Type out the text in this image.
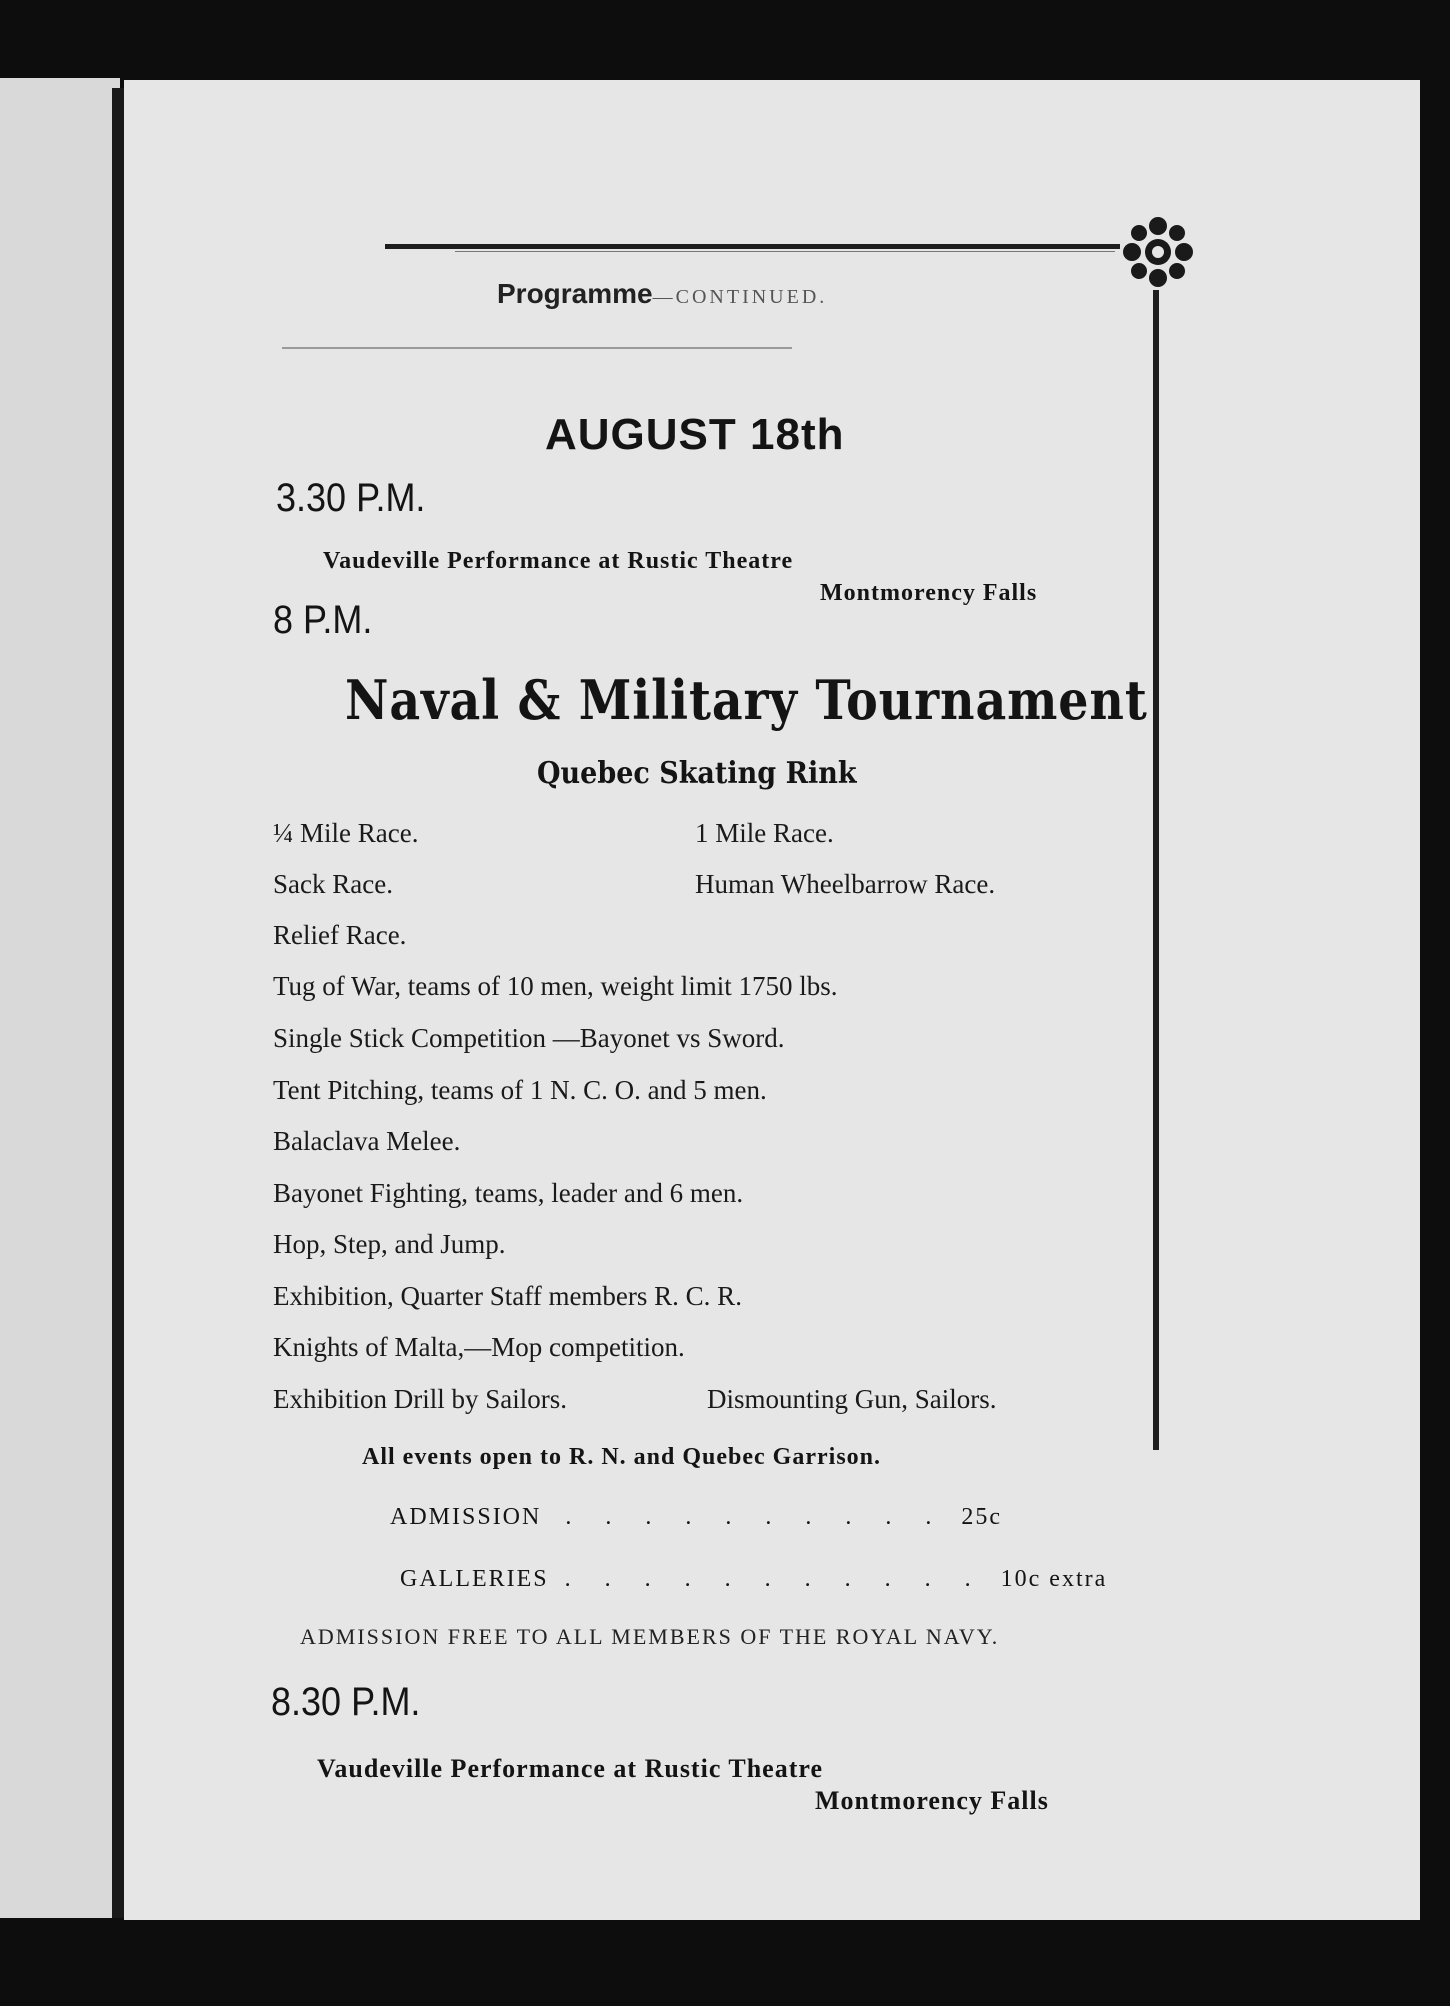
Programme—CONTINUED.
AUGUST 18th
3.30 P.M.
Vaudeville Performance at Rustic Theatre
Montmorency Falls
8 P.M.
Naval & Military Tournament
Quebec Skating Rink
¼ Mile Race.	1 Mile Race.
Sack Race.	Human Wheelbarrow Race.
Relief Race.
Tug of War, teams of 10 men, weight limit 1750 lbs.
Single Stick Competition —Bayonet vs Sword.
Tent Pitching, teams of 1 N. C. O. and 5 men.
Balaclava Melee.
Bayonet Fighting, teams, leader and 6 men.
Hop, Step, and Jump.
Exhibition, Quarter Staff members R. C. R.
Knights of Malta,—Mop competition.
Exhibition Drill by Sailors.	Dismounting Gun, Sailors.
All events open to R. N. and Quebec Garrison.
ADMISSION . . . . . . . . . . 25c
GALLERIES . . . . . . . . . . . 10c extra
ADMISSION FREE TO ALL MEMBERS OF THE ROYAL NAVY.
8.30 P.M.
Vaudeville Performance at Rustic Theatre
Montmorency Falls
